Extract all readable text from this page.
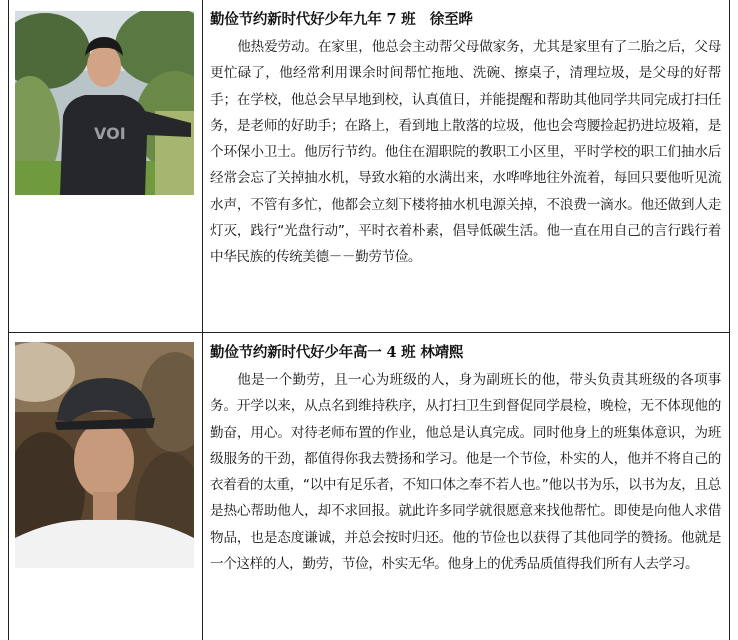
VOI

勤俭节约新时代好少年九年 7 班　徐至晔

他热爱劳动。在家里，他总会主动帮父母做家务，尤其是家里有了二胎之后，父母更忙碌了，他经常利用课余时间帮忙拖地、洗碗、擦桌子，清理垃圾，是父母的好帮手；在学校，他总会早早地到校，认真值日，并能提醒和帮助其他同学共同完成打扫任务，是老师的好助手；在路上，看到地上散落的垃圾，他也会弯腰捡起扔进垃圾箱，是个环保小卫士。他厉行节约。他住在湄职院的教职工小区里，平时学校的职工们抽水后经常会忘了关掉抽水机，导致水箱的水满出来，水哗哗地往外流着，每回只要他听见流水声，不管有多忙，他都会立刻下楼将抽水机电源关掉，不浪费一滴水。他还做到人走灯灭，践行“光盘行动”，平时衣着朴素，倡导低碳生活。他一直在用自己的言行践行着中华民族的传统美德－－勤劳节俭。

勤俭节约新时代好少年高一 4 班 林靖熙

他是一个勤劳，且一心为班级的人，身为副班长的他，带头负责其班级的各项事务。开学以来，从点名到维持秩序，从打扫卫生到督促同学晨检，晚检，无不体现他的勤奋，用心。对待老师布置的作业，他总是认真完成。同时他身上的班集体意识，为班级服务的干劲，都值得你我去赞扬和学习。他是一个节俭，朴实的人，他并不将自己的衣着看的太重，“以中有足乐者，不知口体之奉不若人也。”他以书为乐，以书为友，且总是热心帮助他人，却不求回报。就此许多同学就很愿意来找他帮忙。即使是向他人求借物品，也是态度谦诚，并总会按时归还。他的节俭也以获得了其他同学的赞扬。他就是一个这样的人，勤劳，节俭，朴实无华。他身上的优秀品质值得我们所有人去学习。
